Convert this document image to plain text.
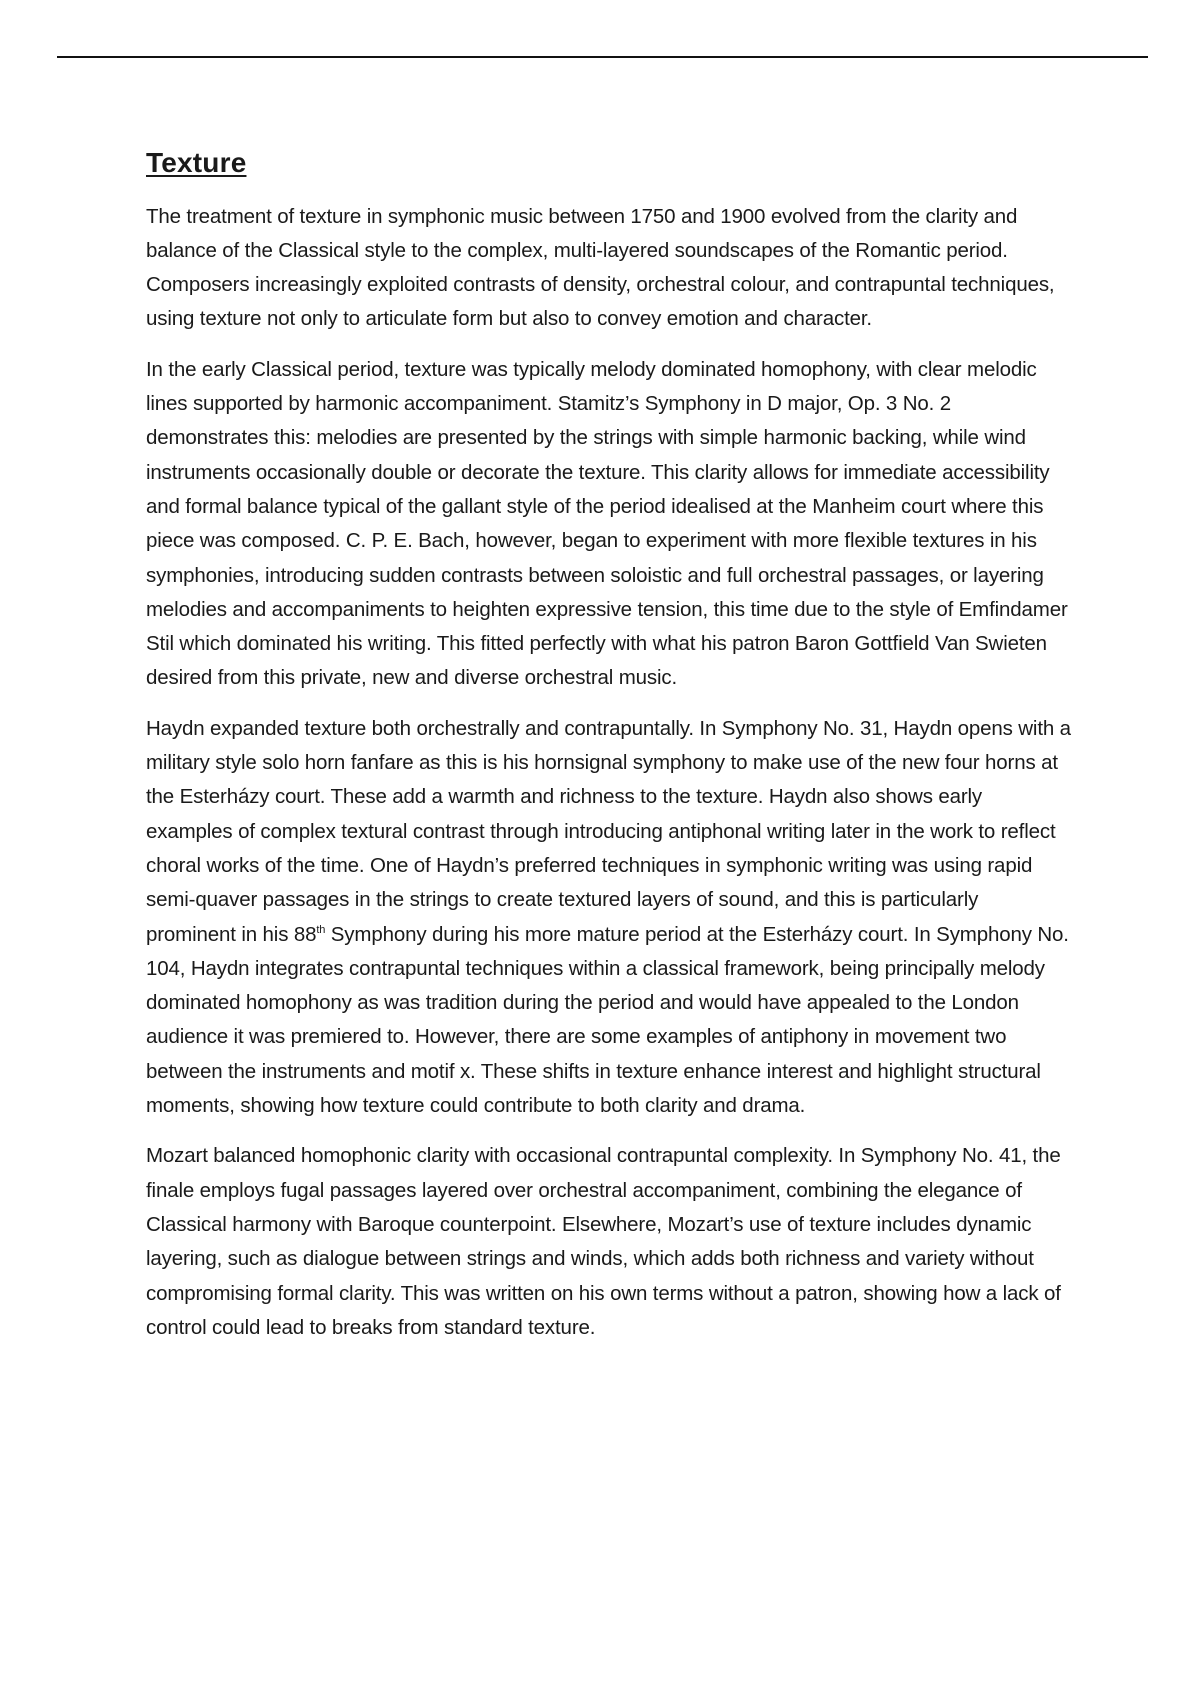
Texture

The treatment of texture in symphonic music between 1750 and 1900 evolved from the clarity and balance of the Classical style to the complex, multi-layered soundscapes of the Romantic period. Composers increasingly exploited contrasts of density, orchestral colour, and contrapuntal techniques, using texture not only to articulate form but also to convey emotion and character.

In the early Classical period, texture was typically melody dominated homophony, with clear melodic lines supported by harmonic accompaniment. Stamitz’s Symphony in D major, Op. 3 No. 2 demonstrates this: melodies are presented by the strings with simple harmonic backing, while wind instruments occasionally double or decorate the texture. This clarity allows for immediate accessibility and formal balance typical of the gallant style of the period idealised at the Manheim court where this piece was composed. C. P. E. Bach, however, began to experiment with more flexible textures in his symphonies, introducing sudden contrasts between soloistic and full orchestral passages, or layering melodies and accompaniments to heighten expressive tension, this time due to the style of Emfindamer Stil which dominated his writing. This fitted perfectly with what his patron Baron Gottfield Van Swieten desired from this private, new and diverse orchestral music.

Haydn expanded texture both orchestrally and contrapuntally. In Symphony No. 31, Haydn opens with a military style solo horn fanfare as this is his hornsignal symphony to make use of the new four horns at the Esterházy court. These add a warmth and richness to the texture. Haydn also shows early examples of complex textural contrast through introducing antiphonal writing later in the work to reflect choral works of the time. One of Haydn’s preferred techniques in symphonic writing was using rapid semi-quaver passages in the strings to create textured layers of sound, and this is particularly prominent in his 88th Symphony during his more mature period at the Esterházy court. In Symphony No. 104, Haydn integrates contrapuntal techniques within a classical framework, being principally melody dominated homophony as was tradition during the period and would have appealed to the London audience it was premiered to. However, there are some examples of antiphony in movement two between the instruments and motif x. These shifts in texture enhance interest and highlight structural moments, showing how texture could contribute to both clarity and drama.

Mozart balanced homophonic clarity with occasional contrapuntal complexity. In Symphony No. 41, the finale employs fugal passages layered over orchestral accompaniment, combining the elegance of Classical harmony with Baroque counterpoint. Elsewhere, Mozart’s use of texture includes dynamic layering, such as dialogue between strings and winds, which adds both richness and variety without compromising formal clarity. This was written on his own terms without a patron, showing how a lack of control could lead to breaks from standard texture.
